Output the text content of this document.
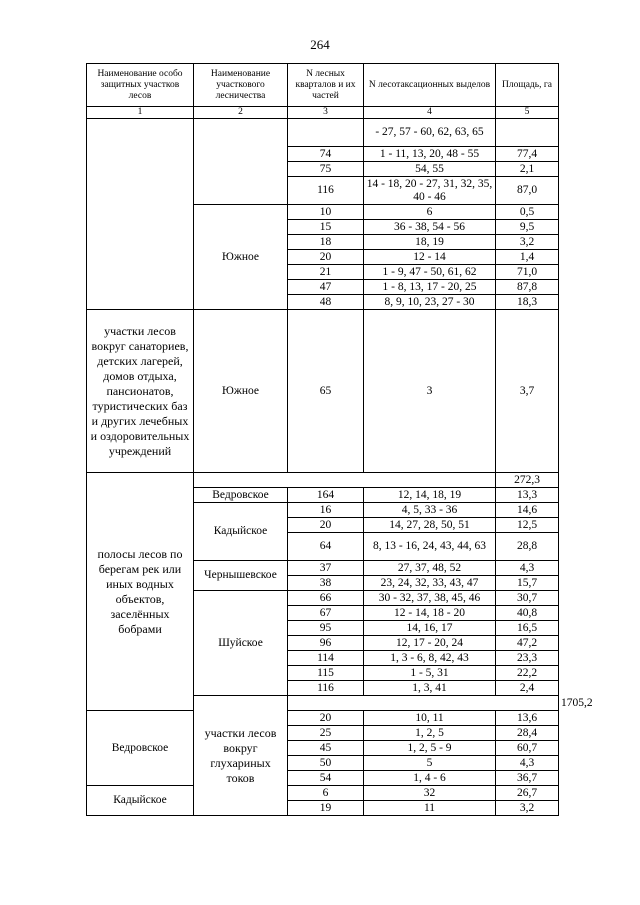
264
Наименование особо защитных участков лесов	Наименование участкового лесничества	N лесных кварталов и их частей	N лесотаксационных выделов	Площадь, га	
1	2	3	4	5	
			- 27, 57 - 60, 62, 63, 65		
		74	1 - 11, 13, 20, 48 - 55	77,4	
		75	54, 55	2,1	
		116	14 - 18, 20 - 27, 31, 32, 35, 40 - 46	87,0	
	Южное	10	6	0,5	
		15	36 - 38, 54 - 56	9,5	
		18	18, 19	3,2	
		20	12 - 14	1,4	
		21	1 - 9, 47 - 50, 61, 62	71,0	
		47	1 - 8, 13, 17 - 20, 25	87,8	
		48	8, 9, 10, 23, 27 - 30	18,3	
участки лесов вокруг санаториев, детских лагерей, домов отдыха, пансионатов, туристических баз и других лечебных и оздоровительных учреждений	Южное	65	3	3,7	
полосы лесов по берегам рек или иных водных объектов, заселённых бобрами				272,3	
	Ведровское	164	12, 14, 18, 19	13,3	
	Кадыйское	16	4, 5, 33 - 36	14,6	
		20	14, 27, 28, 50, 51	12,5	
		64	8, 13 - 16, 24, 43, 44, 63	28,8	
	Чернышевское	37	27, 37, 48, 52	4,3	
		38	23, 24, 32, 33, 43, 47	15,7	
	Шуйское	66	30 - 32, 37, 38, 45, 46	30,7	
		67	12 - 14, 18 - 20	40,8	
		95	14, 16, 17	16,5	
		96	12, 17 - 20, 24	47,2	
		114	1, 3 - 6, 8, 42, 43	23,3	
		115	1 - 5, 31	22,2	
		116	1, 3, 41	2,4	
	участки лесов вокруг глухариных токов				1705,2
Ведровское		20	10, 11	13,6	
		25	1, 2, 5	28,4	
		45	1, 2, 5 - 9	60,7	
		50	5	4,3	
		54	1, 4 - 6	36,7	
Кадыйское		6	32	26,7	
		19	11	3,2	
